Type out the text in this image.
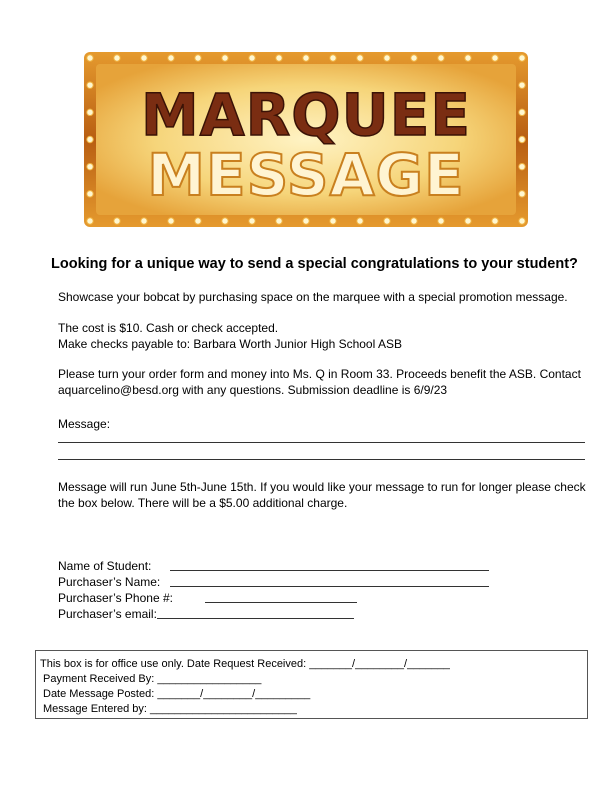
MARQUEE
MESSAGE
Looking for a unique way to send a special congratulations to your student?
Showcase your bobcat by purchasing space on the marquee with a special promotion message.
The cost is $10. Cash or check accepted.
Make checks payable to: Barbara Worth Junior High School ASB
Please turn your order form and money into Ms. Q in Room 33. Proceeds benefit the ASB. Contact aquarcelino@besd.org with any questions. Submission deadline is 6/9/23
Message:
Message will run June 5th-June 15th. If you would like your message to run for longer please check the box below. There will be a $5.00 additional charge.
Name of Student:
Purchaser’s Name:
Purchaser’s Phone #:
Purchaser’s email:
This box is for office use only. Date Request Received: _______/________/_______
Payment Received By: _________________
Date Message Posted: _______/________/_________
Message Entered by: ________________________
